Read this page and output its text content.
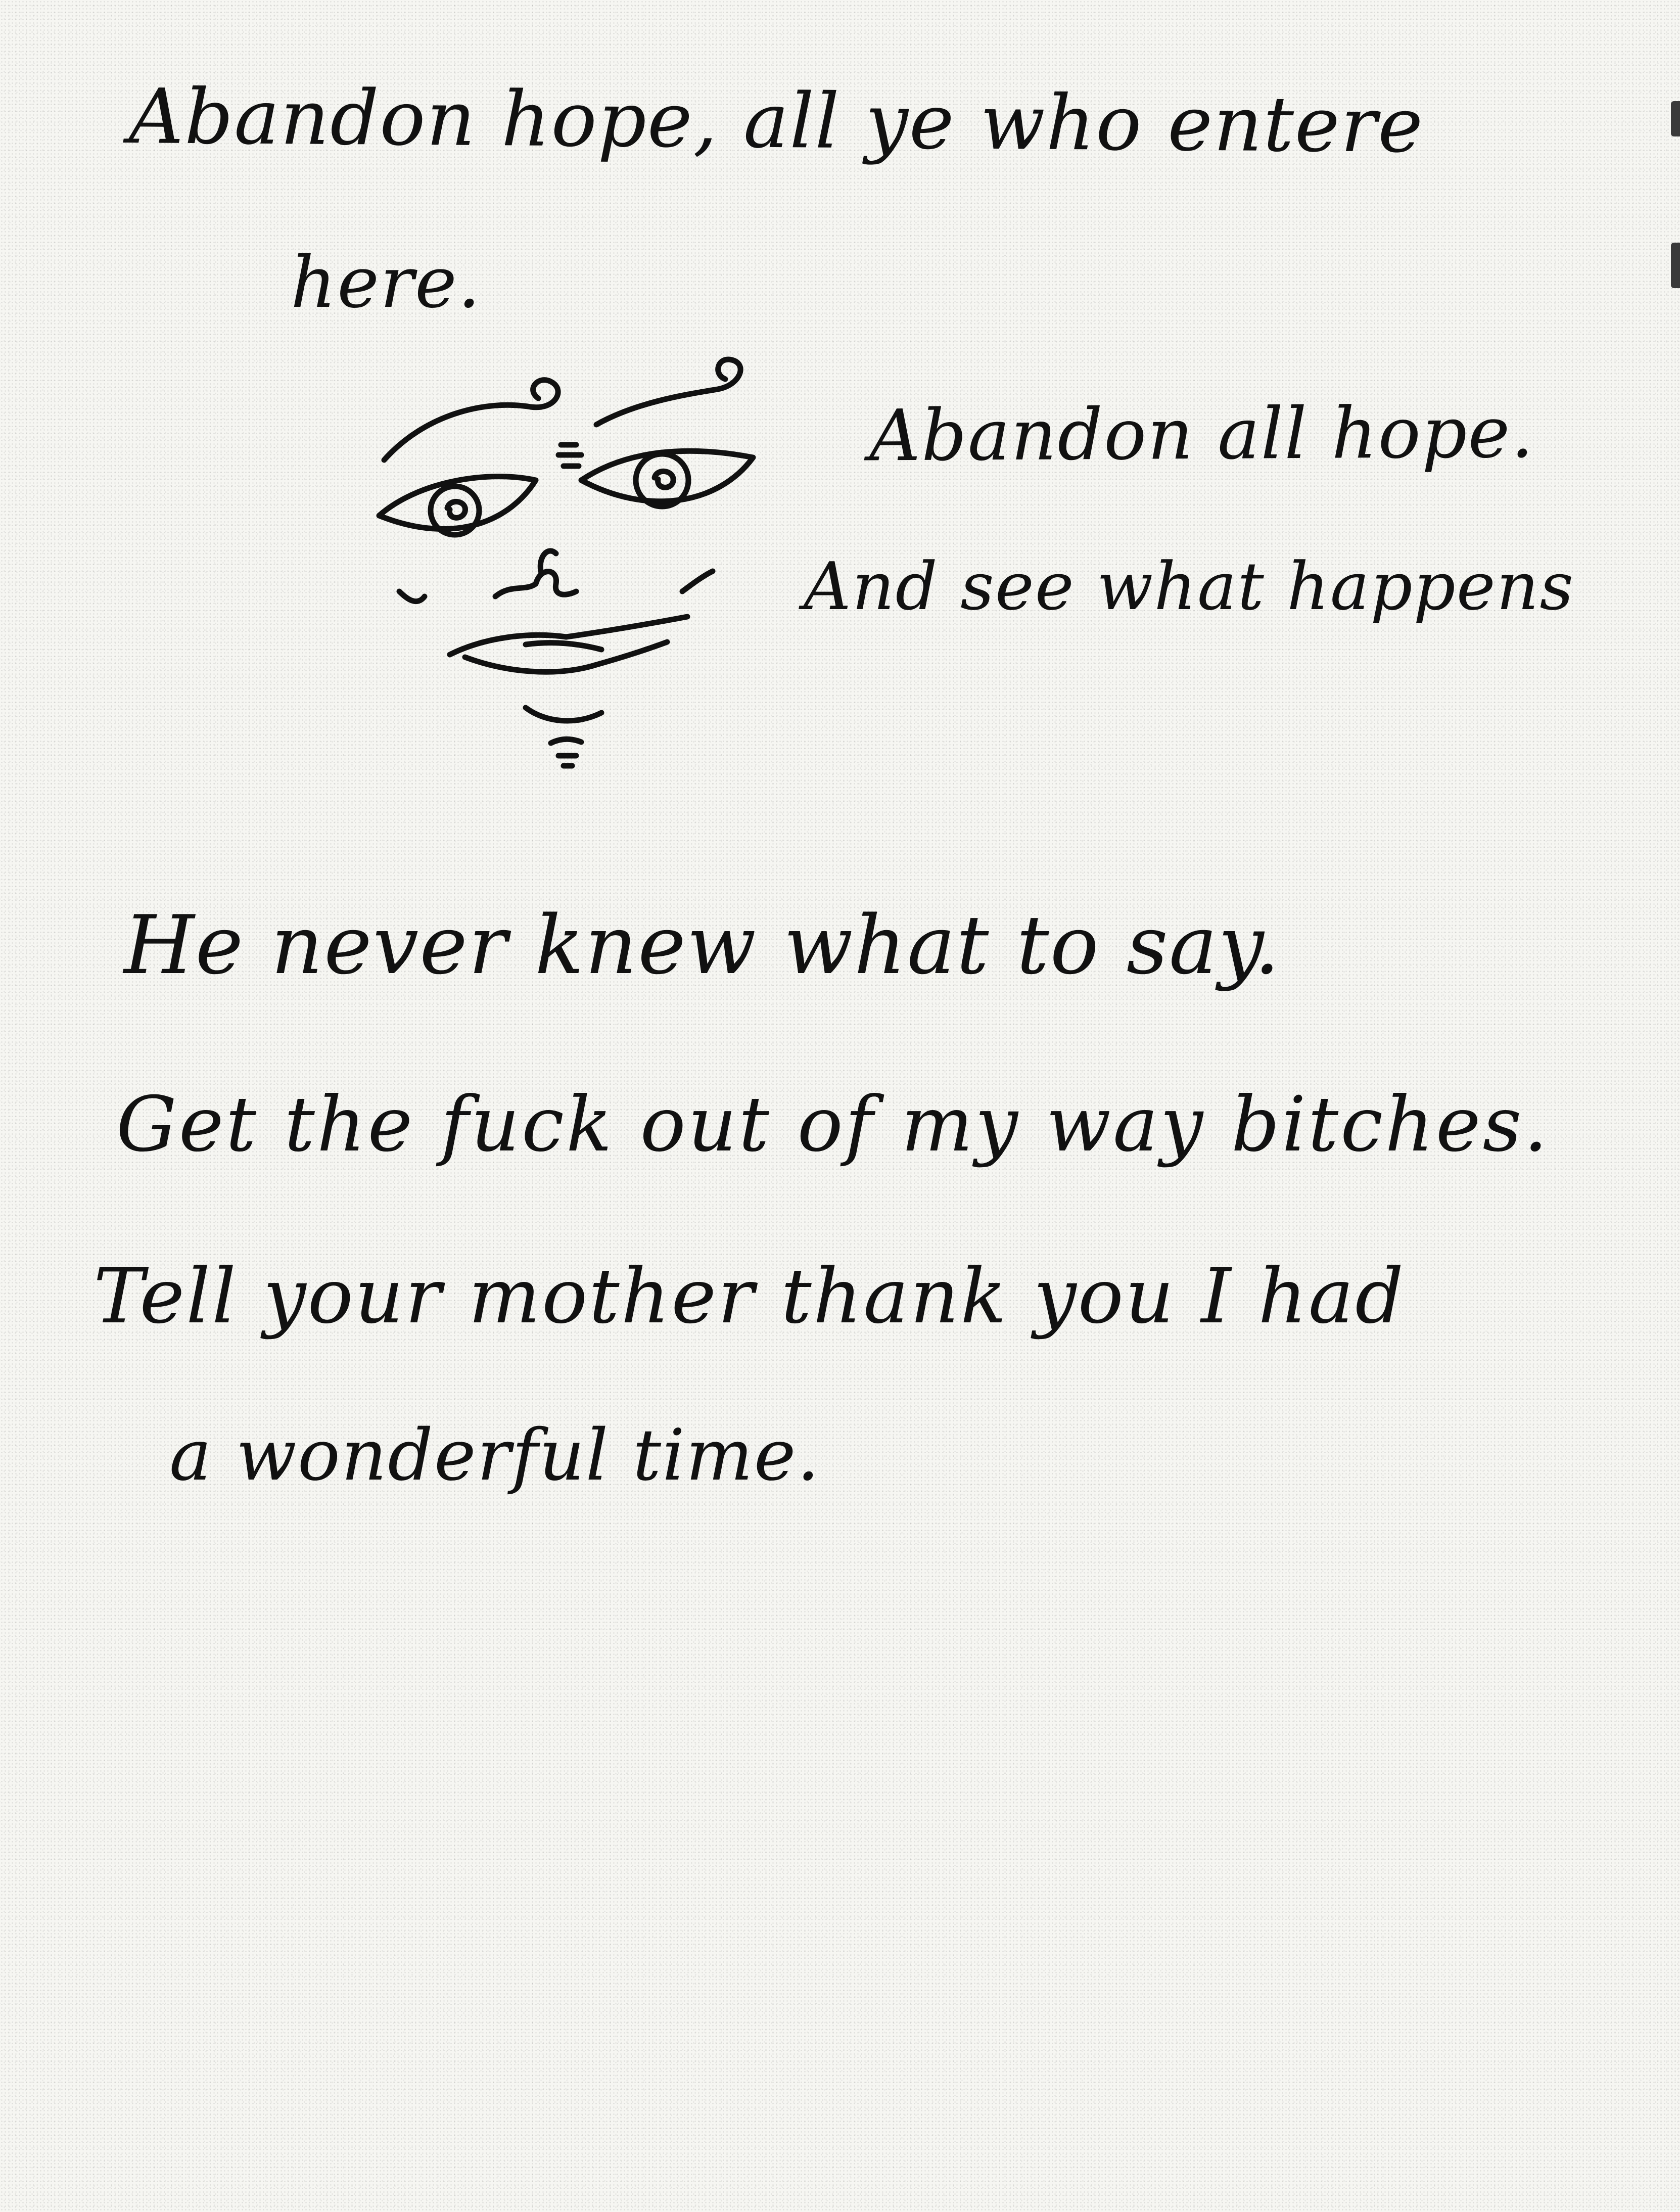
Abandon hope, all ye who entere
here.
Abandon all hope.
And see what happens
He never knew what to say.
Get the fuck out of my way bitches.
Tell your mother thank you I had
a wonderful time.
